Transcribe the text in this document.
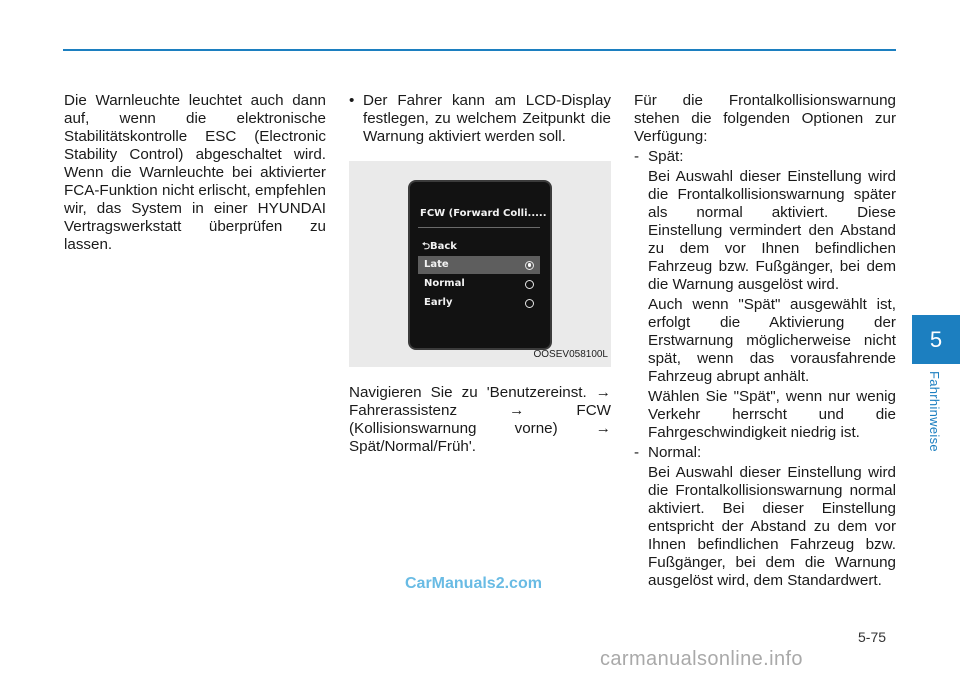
Die Warnleuchte leuchtet auch dann auf, wenn die elektronische Stabilitätskontrolle ESC (Electronic Stability Control) abgeschaltet wird. Wenn die Warnleuchte bei aktivierter FCA-Funktion nicht erlischt, empfehlen wir, das System in einer HYUNDAI Vertragswerkstatt überprüfen zu lassen.

• Der Fahrer kann am LCD-Display festlegen, zu welchem Zeitpunkt die Warnung aktiviert werden soll.
FCW (Forward Colli.....
⮌Back
Late
Normal
Early
OOSEV058100L

Navigieren Sie zu 'Benutzereinst. → Fahrerassistenz → FCW (Kollisionswarnung vorne) → Spät/Normal/Früh'.

Für die Frontalkollisionswarnung stehen die folgenden Optionen zur Verfügung:

- Spät:

Bei Auswahl dieser Einstellung wird die Frontalkollisionswarnung später als normal aktiviert. Diese Einstellung vermindert den Abstand zu dem vor Ihnen befindlichen Fahrzeug bzw. Fußgänger, bei dem die Warnung ausgelöst wird.

Auch wenn "Spät" ausgewählt ist, erfolgt die Aktivierung der Erstwarnung möglicherweise nicht spät, wenn das vorausfahrende Fahrzeug abrupt anhält.

Wählen Sie "Spät", wenn nur wenig Verkehr herrscht und die Fahrgeschwindigkeit niedrig ist.

- Normal:

Bei Auswahl dieser Einstellung wird die Frontalkollisionswarnung normal aktiviert. Bei dieser Einstellung entspricht der Abstand zu dem vor Ihnen befindlichen Fahrzeug bzw. Fußgänger, bei dem die Warnung ausgelöst wird, dem Standardwert.

5
Fahrhinweise
CarManuals2.com
5-75
carmanualsonline.info
